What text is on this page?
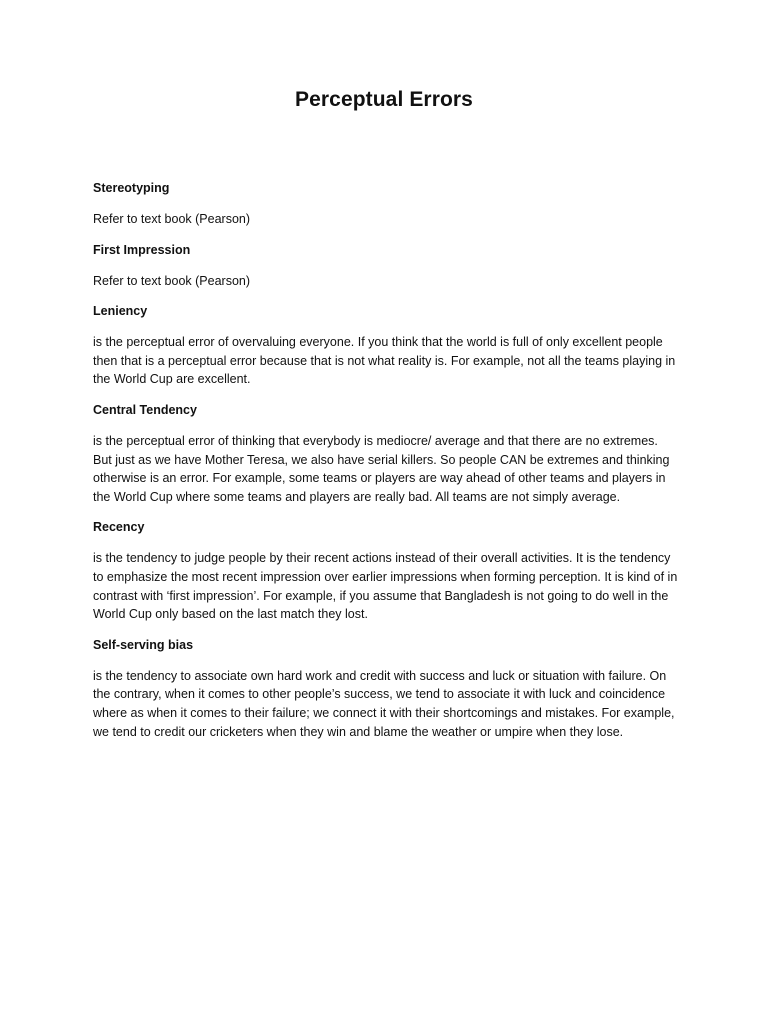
Perceptual Errors

Stereotyping

Refer to text book (Pearson)

First Impression

Refer to text book (Pearson)

Leniency

is the perceptual error of overvaluing everyone. If you think that the world is full of only excellent people then that is a perceptual error because that is not what reality is. For example, not all the teams playing in the World Cup are excellent.

Central Tendency

is the perceptual error of thinking that everybody is mediocre/ average and that there are no extremes. But just as we have Mother Teresa, we also have serial killers. So people CAN be extremes and thinking otherwise is an error. For example, some teams or players are way ahead of other teams and players in the World Cup where some teams and players are really bad. All teams are not simply average.

Recency

is the tendency to judge people by their recent actions instead of their overall activities. It is the tendency to emphasize the most recent impression over earlier impressions when forming perception. It is kind of in contrast with ‘first impression’. For example, if you assume that Bangladesh is not going to do well in the World Cup only based on the last match they lost.

Self-serving bias

is the tendency to associate own hard work and credit with success and luck or situation with failure. On the contrary, when it comes to other people’s success, we tend to associate it with luck and coincidence where as when it comes to their failure; we connect it with their shortcomings and mistakes. For example, we tend to credit our cricketers when they win and blame the weather or umpire when they lose.
